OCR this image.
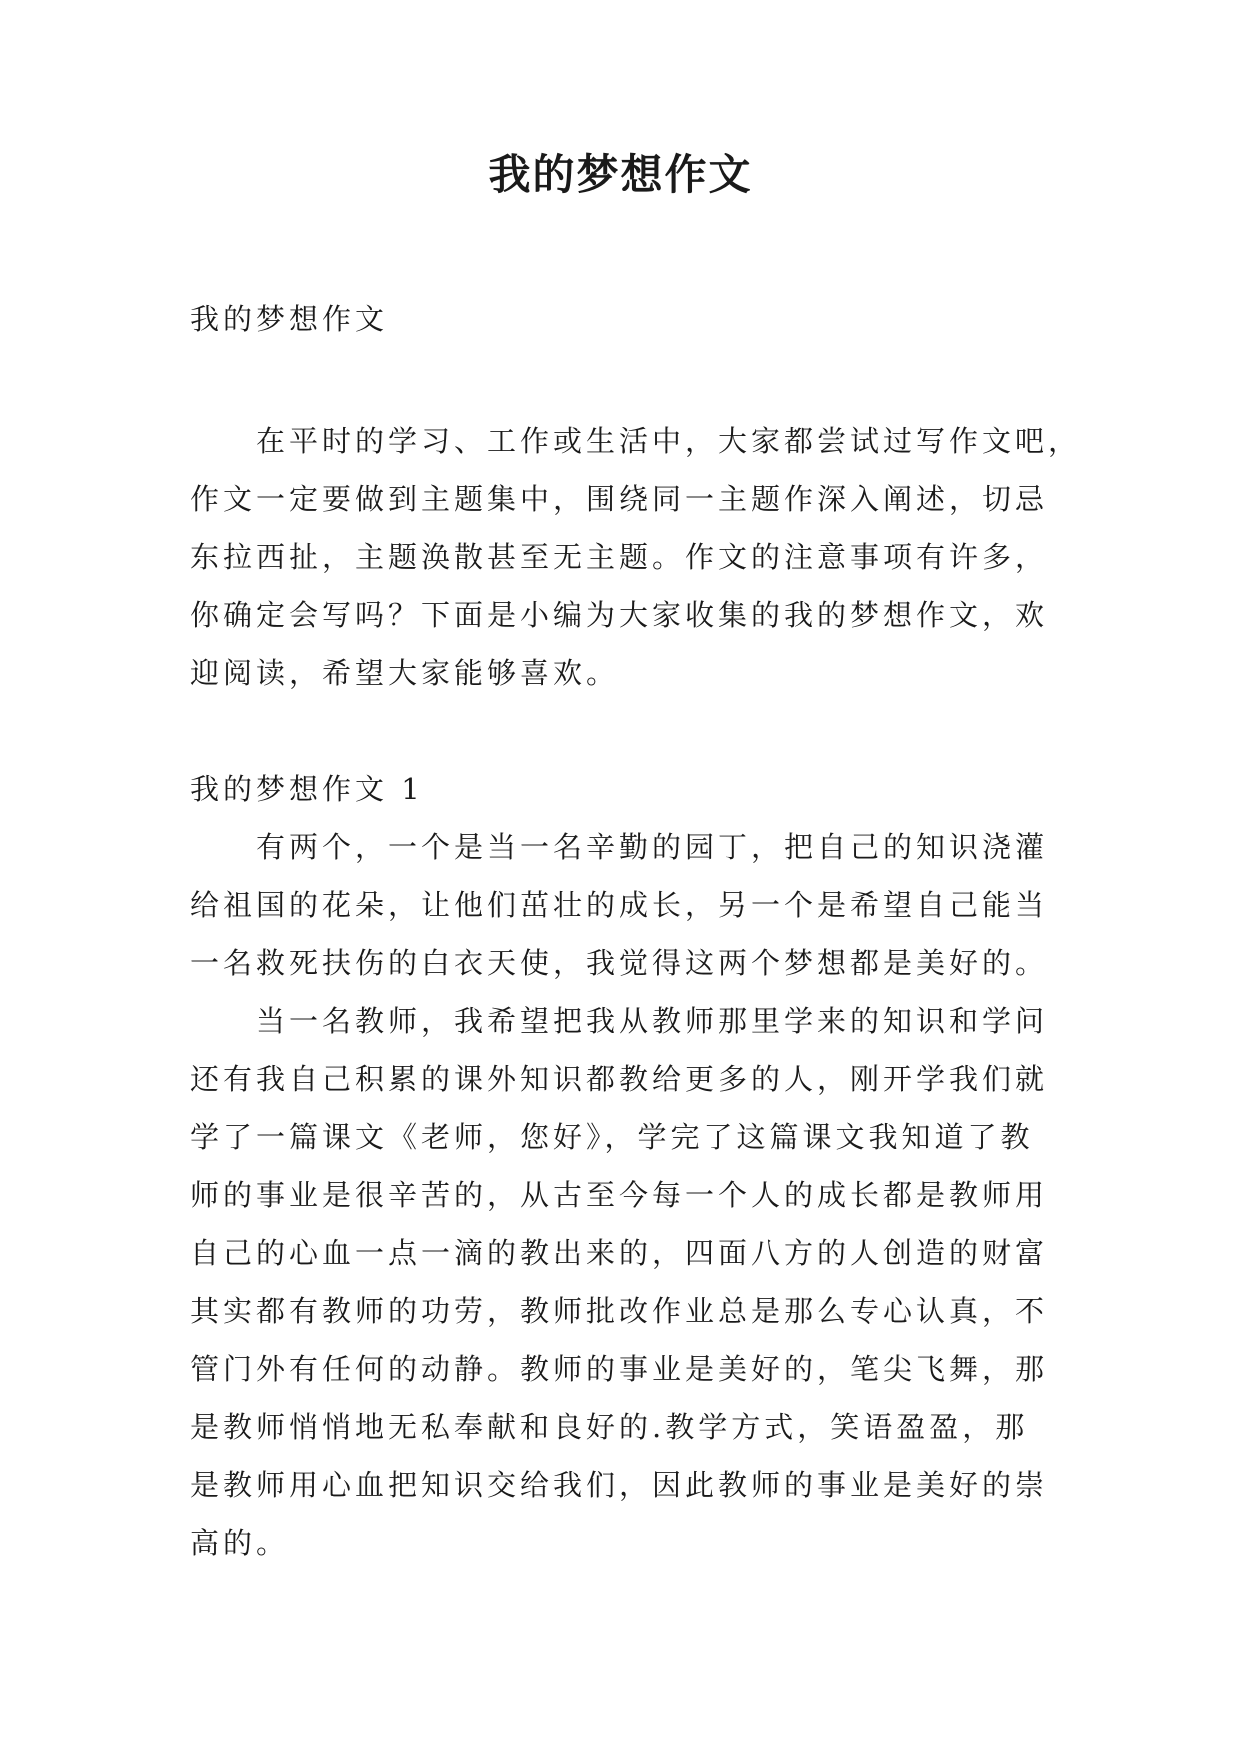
我的梦想作文
我的梦想作文

　　在平时的学习、工作或生活中，大家都尝试过写作文吧，
作文一定要做到主题集中，围绕同一主题作深入阐述，切忌
东拉西扯，主题涣散甚至无主题。作文的注意事项有许多，
你确定会写吗？下面是小编为大家收集的我的梦想作文，欢
迎阅读，希望大家能够喜欢。

我的梦想作文 1

　　有两个，一个是当一名辛勤的园丁，把自己的知识浇灌
给祖国的花朵，让他们茁壮的成长，另一个是希望自己能当
一名救死扶伤的白衣天使，我觉得这两个梦想都是美好的。

　　当一名教师，我希望把我从教师那里学来的知识和学问
还有我自己积累的课外知识都教给更多的人，刚开学我们就
学了一篇课文《老师，您好》，学完了这篇课文我知道了教
师的事业是很辛苦的，从古至今每一个人的成长都是教师用
自己的心血一点一滴的教出来的，四面八方的人创造的财富
其实都有教师的功劳，教师批改作业总是那么专心认真，不
管门外有任何的动静。教师的事业是美好的，笔尖飞舞，那
是教师悄悄地无私奉献和良好的.教学方式，笑语盈盈，那
是教师用心血把知识交给我们，因此教师的事业是美好的崇
高的。
